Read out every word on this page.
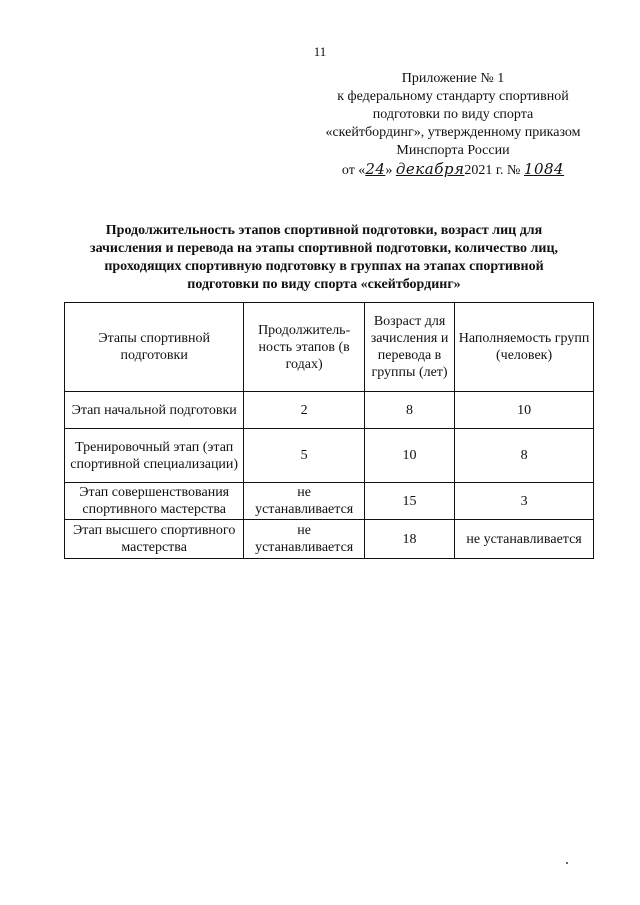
11
Приложение № 1
к федеральному стандарту спортивной
подготовки по виду спорта
«скейтбординг», утвержденному приказом
Минспорта России
от «24» декабря2021 г. № 1084
Продолжительность этапов спортивной подготовки, возраст лиц для
зачисления и перевода на этапы спортивной подготовки, количество лиц,
проходящих спортивную подготовку в группах на этапах спортивной
подготовки по виду спорта «скейтбординг»
Этапы спортивной подготовки	Продолжитель-ность этапов (в годах)	Возраст для зачисления и перевода в группы (лет)	Наполняемость групп (человек)
Этап начальной подготовки	2	8	10
Тренировочный этап (этап спортивной специализации)	5	10	8
Этап совершенствования спортивного мастерства	не устанавливается	15	3
Этап высшего спортивного мастерства	не устанавливается	18	не устанавливается
